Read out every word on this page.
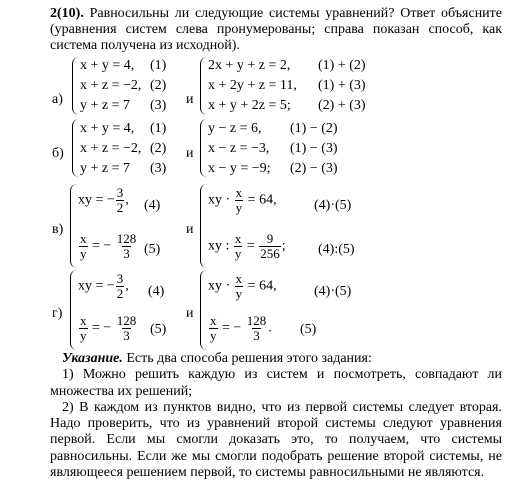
2(10). Равносильны ли следующие системы уравнений? Ответ объясните (уравнения систем слева пронумерованы; справа показан способ, как система получена из исходной).

а)
x + y = 4,
x + z = −2,
y + z = 7
(1)
(2)
(3) и
2x + y + z = 2,
x + 2y + z = 11,
x + y + 2z = 5;
(1) + (2)
(1) + (3)
(2) + (3)
б)
x + y = 4,
x + z = −2,
y + z = 7
(1)
(2)
(3)
и
y − z = 6,
x − z = −3,
x − y = −9;
(1) − (2)
(1) − (3)
(2) − (3)
в)
xy = − $\frac{3}{2}$ , (4)
$\frac{x}{y}$ = − $\frac{128}{3} (5)$
и
xy · $\frac{x}{y} = 64$,	(4)·(5)
xy : $\frac{x}{y} = \frac{9}{256}$ ; (4):(5)
г)
xy = − $\frac{3}{2}$ , (4)
$\frac{x}{y}$ = − $\frac{128}{3} (5)$
и
xy · $\frac{x}{y} = 64$,	(4)·(5)
$\frac{x}{y}$ = − $\frac{128}{3}$ . (5)

Указание. Есть два способа решения этого задания:

1) Можно решить каждую из систем и посмотреть, совпадают ли множества их решений;

2) В каждом из пунктов видно, что из первой системы следует вторая. Надо проверить, что из уравнений второй системы следуют уравнения первой. Если мы смогли доказать это, то получаем, что системы равносильны. Если же мы смогли подобрать решение второй системы, не являющееся решением первой, то системы равносильными не являются.
